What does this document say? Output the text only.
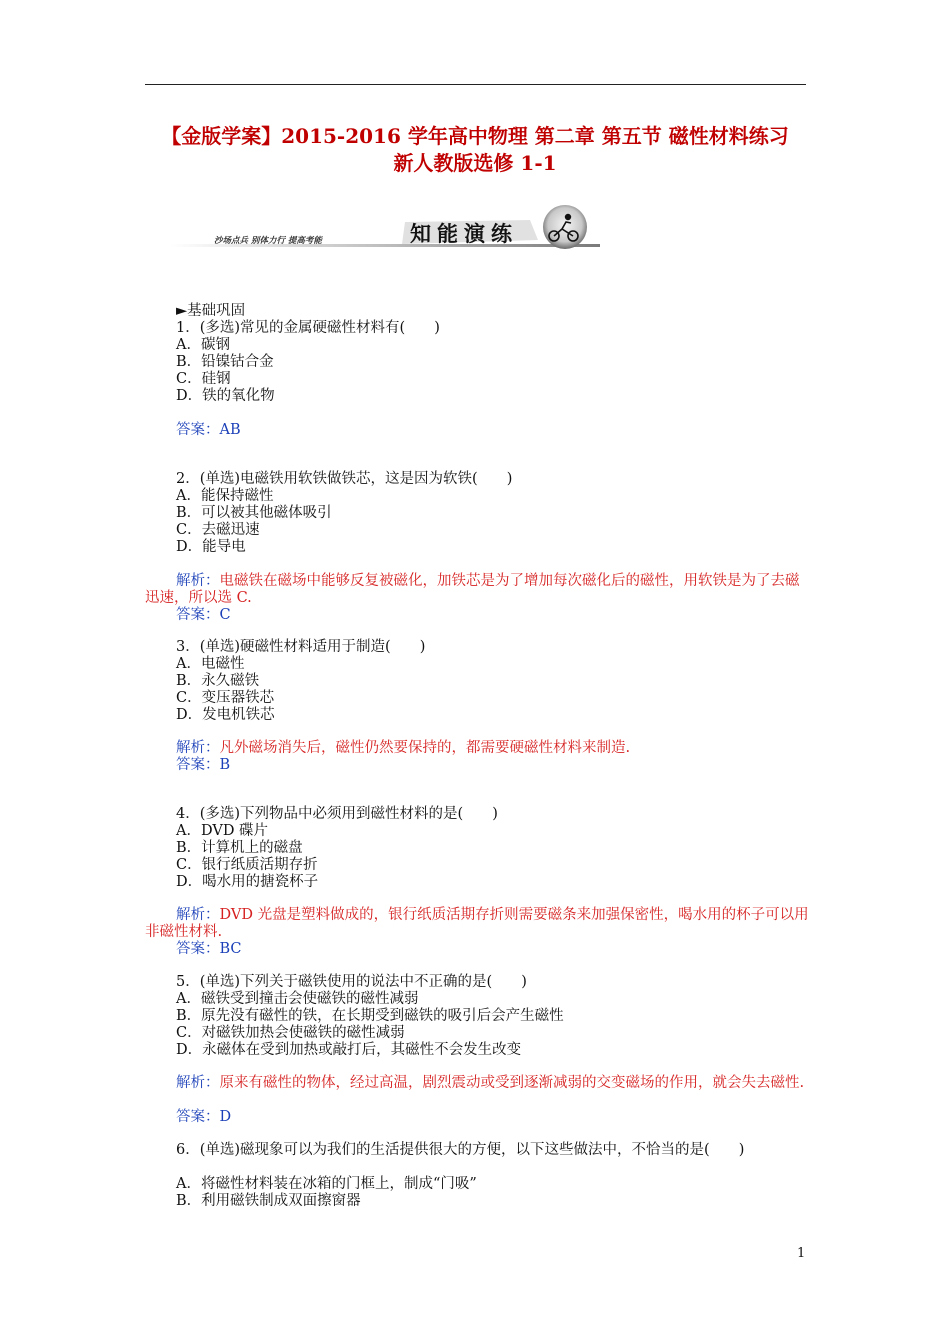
【金版学案】2015-2016 学年高中物理 第二章 第五节 磁性材料练习
新人教版选修 1-1
沙场点兵 别体力行 提高考能	知能演练
►基础巩固
1．(多选)常见的金属硬磁性材料有(　　)
A．碳钢
B．铅镍钴合金
C．硅钢
D．铁的氧化物
答案：AB
2．(单选)电磁铁用软铁做铁芯，这是因为软铁(　　)
A．能保持磁性
B．可以被其他磁体吸引
C．去磁迅速
D．能导电
解析：电磁铁在磁场中能够反复被磁化，加铁芯是为了增加每次磁化后的磁性，用软铁是为了去磁迅速，所以选 C.
答案：C
3．(单选)硬磁性材料适用于制造(　　)
A．电磁性
B．永久磁铁
C．变压器铁芯
D．发电机铁芯
解析：凡外磁场消失后，磁性仍然要保持的，都需要硬磁性材料来制造.
答案：B
4．(多选)下列物品中必须用到磁性材料的是(　　)
A．DVD 碟片
B．计算机上的磁盘
C．银行纸质活期存折
D．喝水用的搪瓷杯子
解析：DVD 光盘是塑料做成的，银行纸质活期存折则需要磁条来加强保密性，喝水用的杯子可以用非磁性材料.
答案：BC
5．(单选)下列关于磁铁使用的说法中不正确的是(　　)
A．磁铁受到撞击会使磁铁的磁性减弱
B．原先没有磁性的铁，在长期受到磁铁的吸引后会产生磁性
C．对磁铁加热会使磁铁的磁性减弱
D．永磁体在受到加热或敲打后，其磁性不会发生改变
解析：原来有磁性的物体，经过高温，剧烈震动或受到逐渐减弱的交变磁场的作用，就会失去磁性.
答案：D
6．(单选)磁现象可以为我们的生活提供很大的方便，以下这些做法中，不恰当的是(　　)
A．将磁性材料装在冰箱的门框上，制成“门吸”
B．利用磁铁制成双面擦窗器
1
